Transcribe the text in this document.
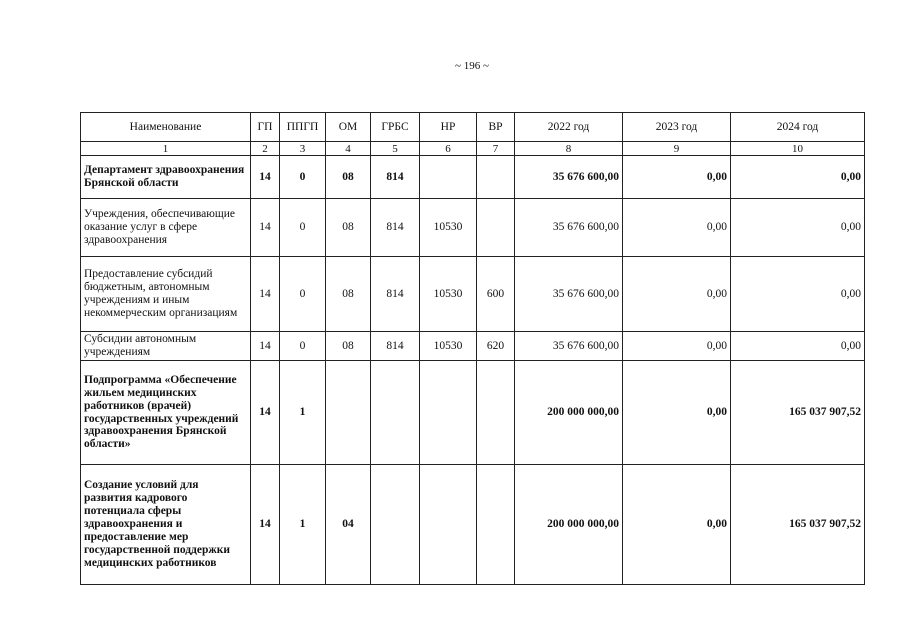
~ 196 ~
Наименование	ГП	ППГП	ОМ	ГРБС	НР	ВР	2022 год	2023 год	2024 год
1	2	3	4	5	6	7	8	9	10
Департамент здравоохранения Брянской области	14	0	08	814			35 676 600,00	0,00	0,00
Учреждения, обеспечивающие оказание услуг в сфере здравоохранения	14	0	08	814	10530		35 676 600,00	0,00	0,00
Предоставление субсидий бюджетным, автономным учреждениям и иным некоммерческим организациям	14	0	08	814	10530	600	35 676 600,00	0,00	0,00
Субсидии автономным учреждениям	14	0	08	814	10530	620	35 676 600,00	0,00	0,00
Подпрограмма «Обеспечение жильем медицинских работников (врачей) государственных учреждений здравоохранения Брянской области»	14	1					200 000 000,00	0,00	165 037 907,52
Создание условий для развития кадрового потенциала сферы здравоохранения и предоставление мер государственной поддержки медицинских работников	14	1	04				200 000 000,00	0,00	165 037 907,52
